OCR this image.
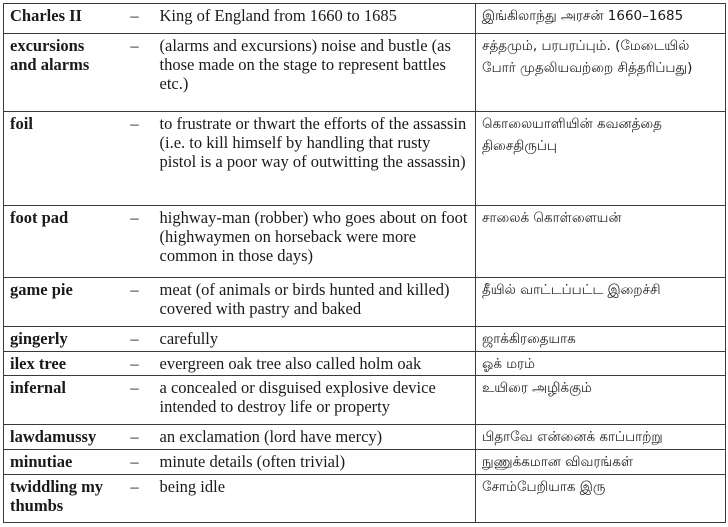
Charles II	–	King of England from 1660 to 1685	இங்கிலாந்து அரசன் 1660–1685
excursions and alarms	–	(alarms and excursions) noise and bustle (as those made on the stage to represent battles etc.)	சத்தமும், பரபரப்பும். (மேடையில் போர் முதலியவற்றை சித்தரிப்பது)
foil	–	to frustrate or thwart the efforts of the assassin (i.e. to kill himself by handling that rusty pistol is a poor way of outwitting the assassin)	கொலையாளியின் கவனத்தை திசைதிருப்பு
foot pad	–	highway-man (robber) who goes about on foot (highwaymen on horseback were more common in those days)	சாலைக் கொள்ளையன்
game pie	–	meat (of animals or birds hunted and killed) covered with pastry and baked	தீயில் வாட்டப்பட்ட இறைச்சி
gingerly	–	carefully	ஜாக்கிரதையாக
ilex tree	–	evergreen oak tree also called holm oak	ஓக் மரம்
infernal	–	a concealed or disguised explosive device intended to destroy life or property	உயிரை அழிக்கும்
lawdamussy	–	an exclamation (lord have mercy)	பிதாவே என்னைக் காப்பாற்று
minutiae	–	minute details (often trivial)	நுணுக்கமான விவரங்கள்
twiddling my thumbs	–	being idle	சோம்பேறியாக இரு
